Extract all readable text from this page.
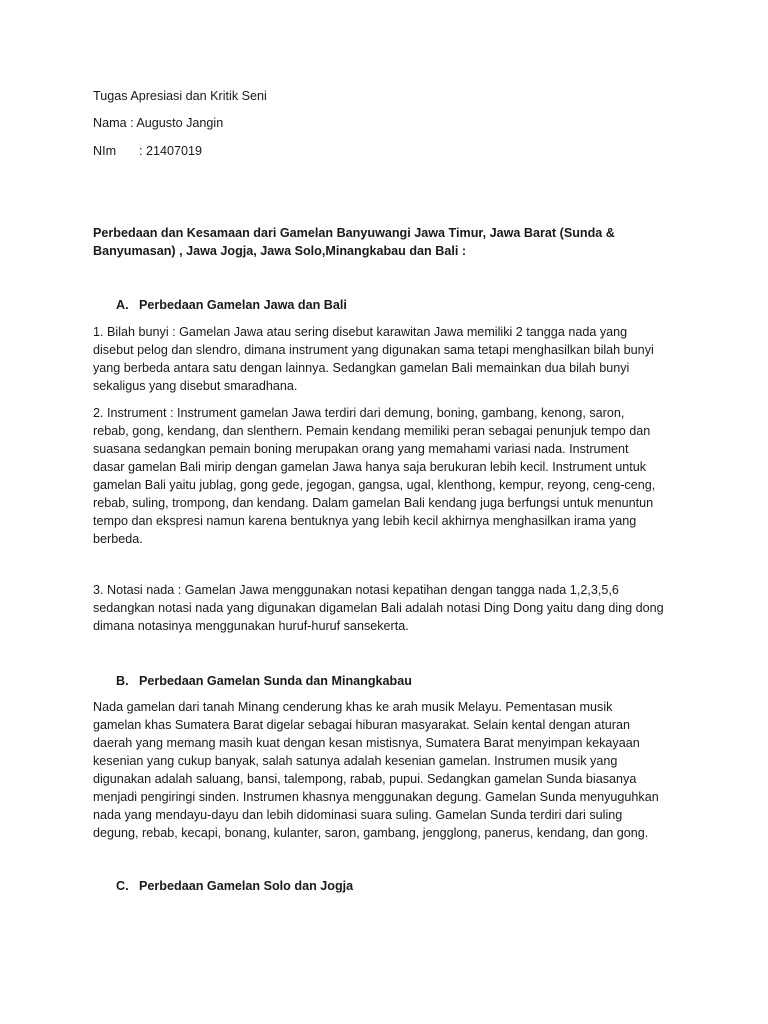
Tugas Apresiasi dan Kritik Seni
Nama : Augusto Jangin
NIm : 21407019
Perbedaan dan Kesamaan dari Gamelan Banyuwangi Jawa Timur, Jawa Barat (Sunda &
Banyumasan) , Jawa Jogja, Jawa Solo,Minangkabau dan Bali :
A. Perbedaan Gamelan Jawa dan Bali
1. Bilah bunyi : Gamelan Jawa atau sering disebut karawitan Jawa memiliki 2 tangga nada yang
disebut pelog dan slendro, dimana instrument yang digunakan sama tetapi menghasilkan bilah bunyi
yang berbeda antara satu dengan lainnya. Sedangkan gamelan Bali memainkan dua bilah bunyi
sekaligus yang disebut smaradhana.
2. Instrument : Instrument gamelan Jawa terdiri dari demung, boning, gambang, kenong, saron,
rebab, gong, kendang, dan slenthern. Pemain kendang memiliki peran sebagai penunjuk tempo dan
suasana sedangkan pemain boning merupakan orang yang memahami variasi nada. Instrument
dasar gamelan Bali mirip dengan gamelan Jawa hanya saja berukuran lebih kecil. Instrument untuk
gamelan Bali yaitu jublag, gong gede, jegogan, gangsa, ugal, klenthong, kempur, reyong, ceng-ceng,
rebab, suling, trompong, dan kendang. Dalam gamelan Bali kendang juga berfungsi untuk menuntun
tempo dan ekspresi namun karena bentuknya yang lebih kecil akhirnya menghasilkan irama yang
berbeda.
3. Notasi nada : Gamelan Jawa menggunakan notasi kepatihan dengan tangga nada 1,2,3,5,6
sedangkan notasi nada yang digunakan digamelan Bali adalah notasi Ding Dong yaitu dang ding dong
dimana notasinya menggunakan huruf-huruf sansekerta.
B. Perbedaan Gamelan Sunda dan Minangkabau
Nada gamelan dari tanah Minang cenderung khas ke arah musik Melayu. Pementasan musik
gamelan khas Sumatera Barat digelar sebagai hiburan masyarakat. Selain kental dengan aturan
daerah yang memang masih kuat dengan kesan mistisnya, Sumatera Barat menyimpan kekayaan
kesenian yang cukup banyak, salah satunya adalah kesenian gamelan. Instrumen musik yang
digunakan adalah saluang, bansi, talempong, rabab, pupui. Sedangkan gamelan Sunda biasanya
menjadi pengiringi sinden. Instrumen khasnya menggunakan degung. Gamelan Sunda menyuguhkan
nada yang mendayu-dayu dan lebih didominasi suara suling. Gamelan Sunda terdiri dari suling
degung, rebab, kecapi, bonang, kulanter, saron, gambang, jengglong, panerus, kendang, dan gong.
C. Perbedaan Gamelan Solo dan Jogja
